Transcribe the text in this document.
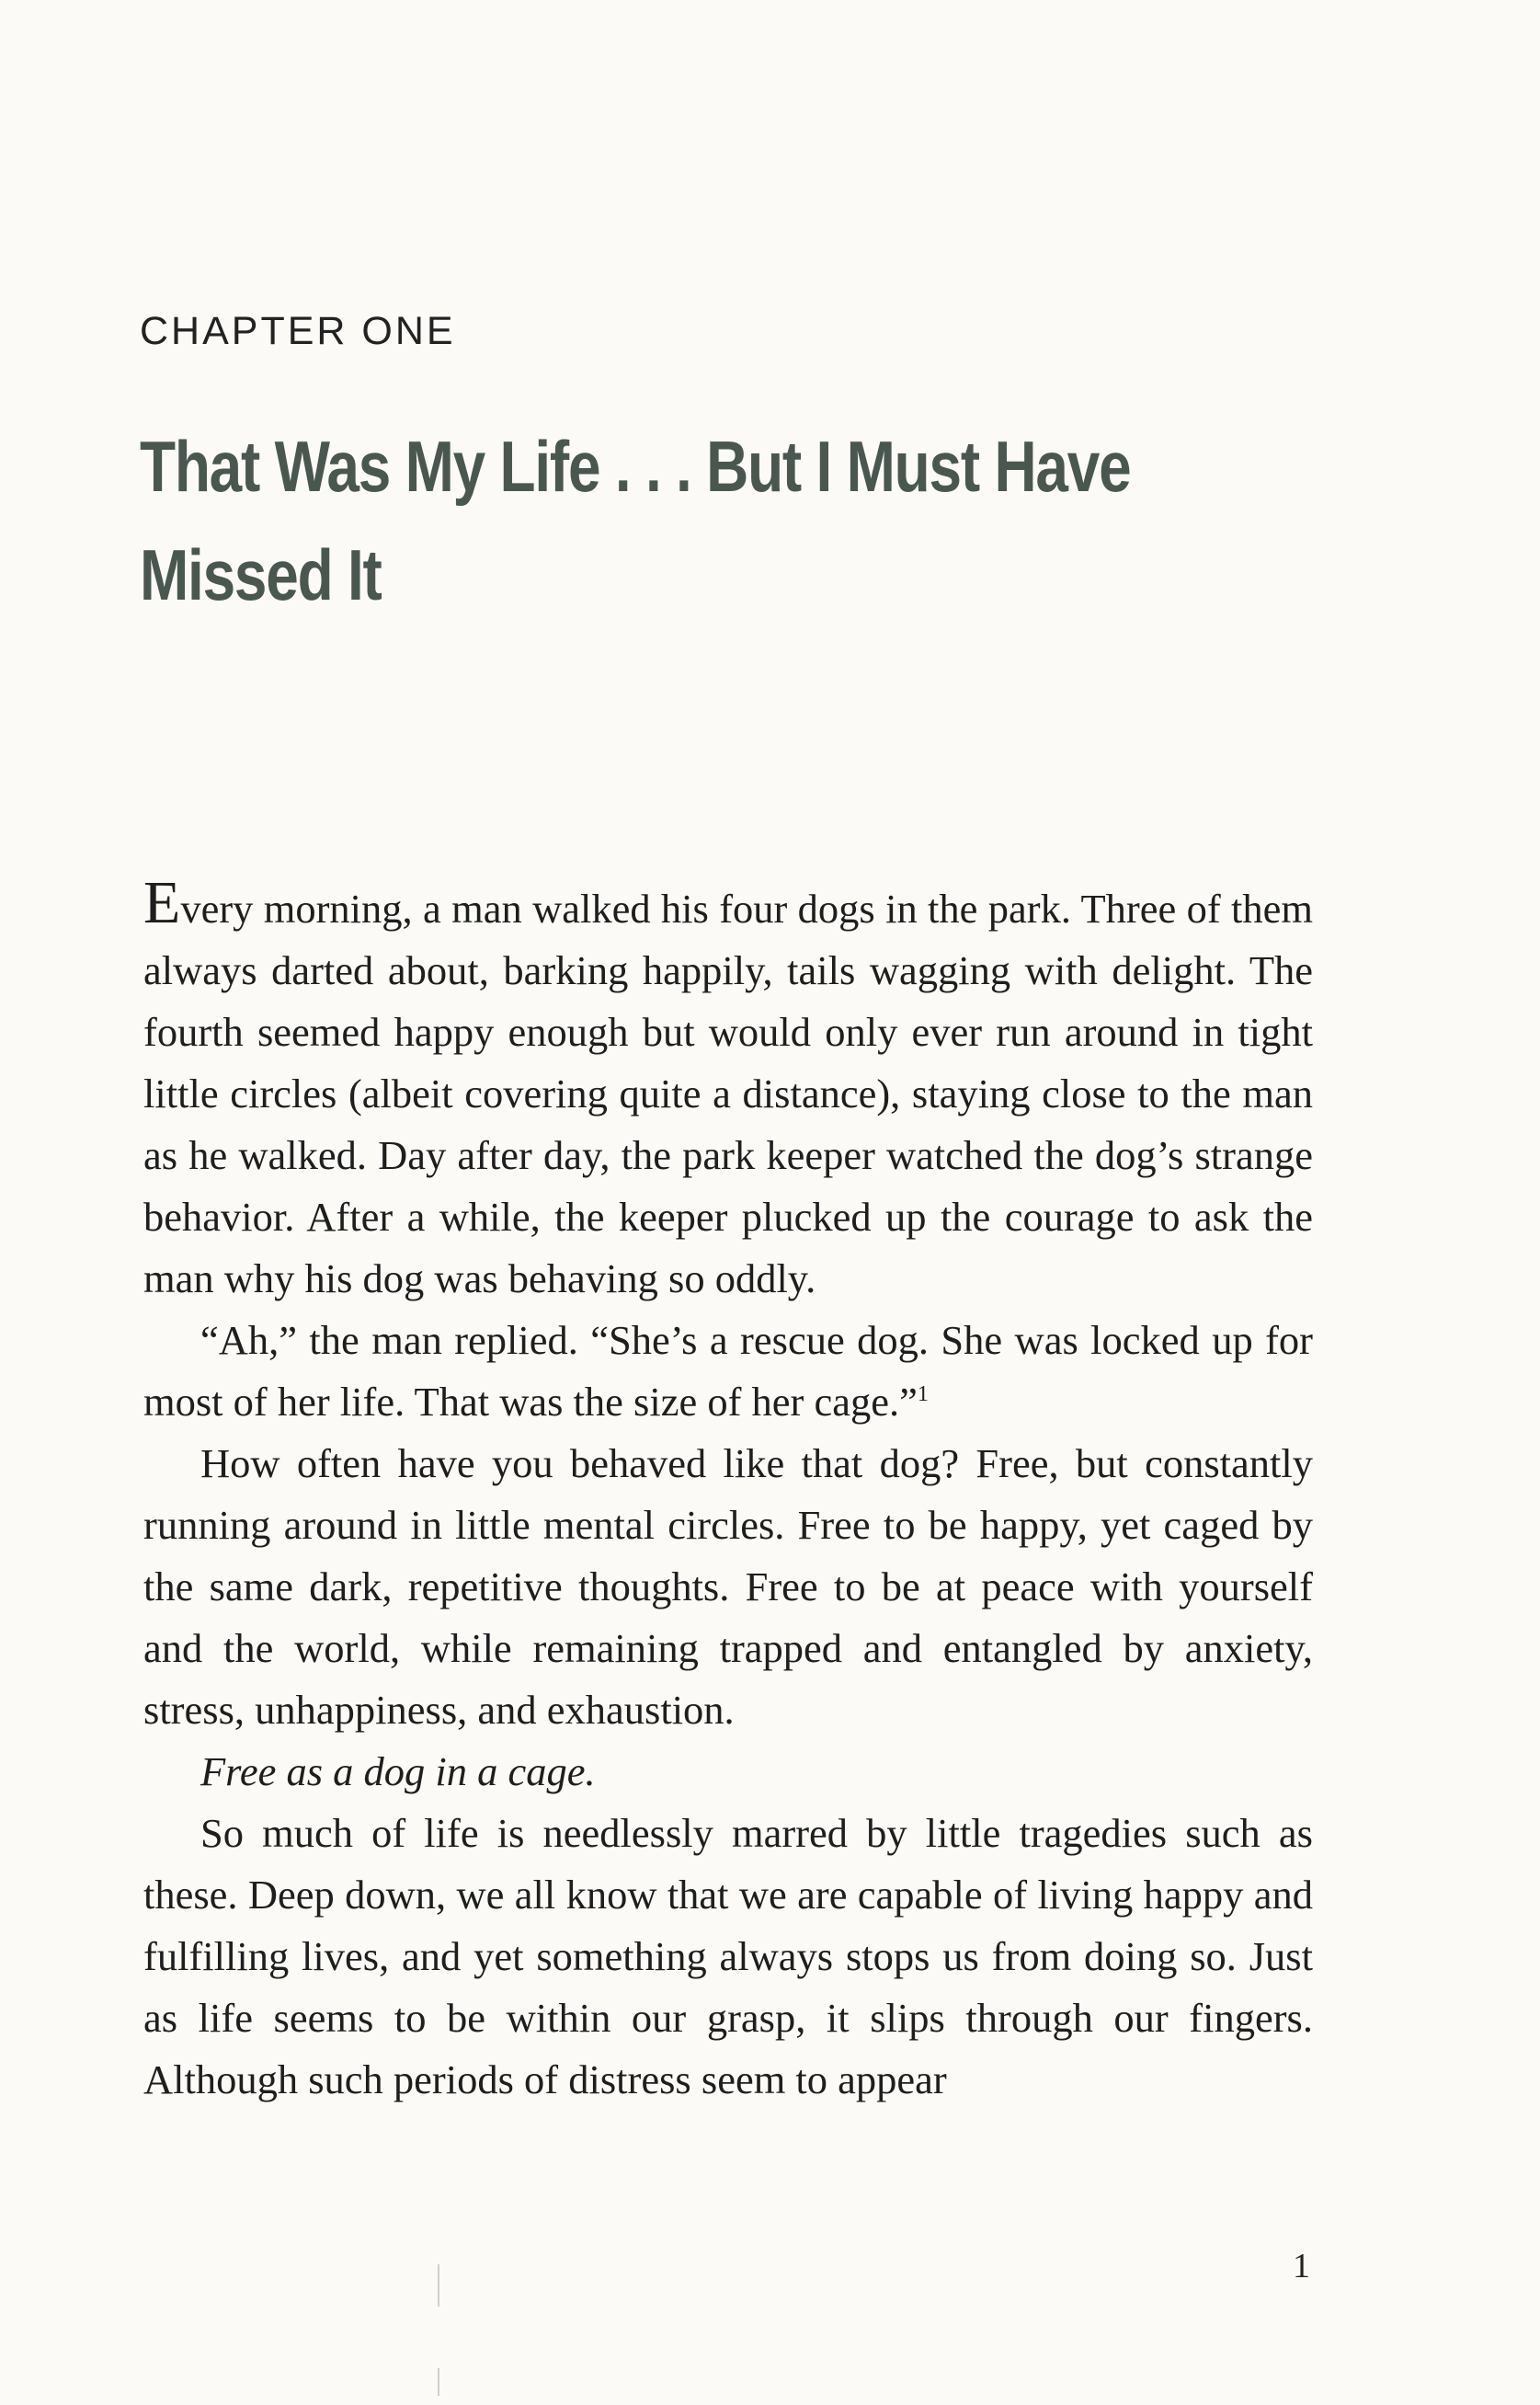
CHAPTER ONE
That Was My Life . . . But I Must Have
Missed It

Every morning, a man walked his four dogs in the park. Three of them always darted about, barking happily, tails wagging with delight. The fourth seemed happy enough but would only ever run around in tight little circles (albeit covering quite a distance), staying close to the man as he walked. Day after day, the park keeper watched the dog’s strange behavior. After a while, the keeper plucked up the courage to ask the man why his dog was behaving so oddly.

“Ah,” the man replied. “She’s a rescue dog. She was locked up for most of her life. That was the size of her cage.”$^1$

How often have you behaved like that dog? Free, but constantly running around in little mental circles. Free to be happy, yet caged by the same dark, repetitive thoughts. Free to be at peace with yourself and the world, while remaining trapped and entangled by anxiety, stress, unhappiness, and exhaustion.

Free as a dog in a cage.

So much of life is needlessly marred by little tragedies such as these. Deep down, we all know that we are capable of living happy and fulfilling lives, and yet something always stops us from doing so. Just as life seems to be within our grasp, it slips through our fingers. Although such periods of distress seem to appear

1
